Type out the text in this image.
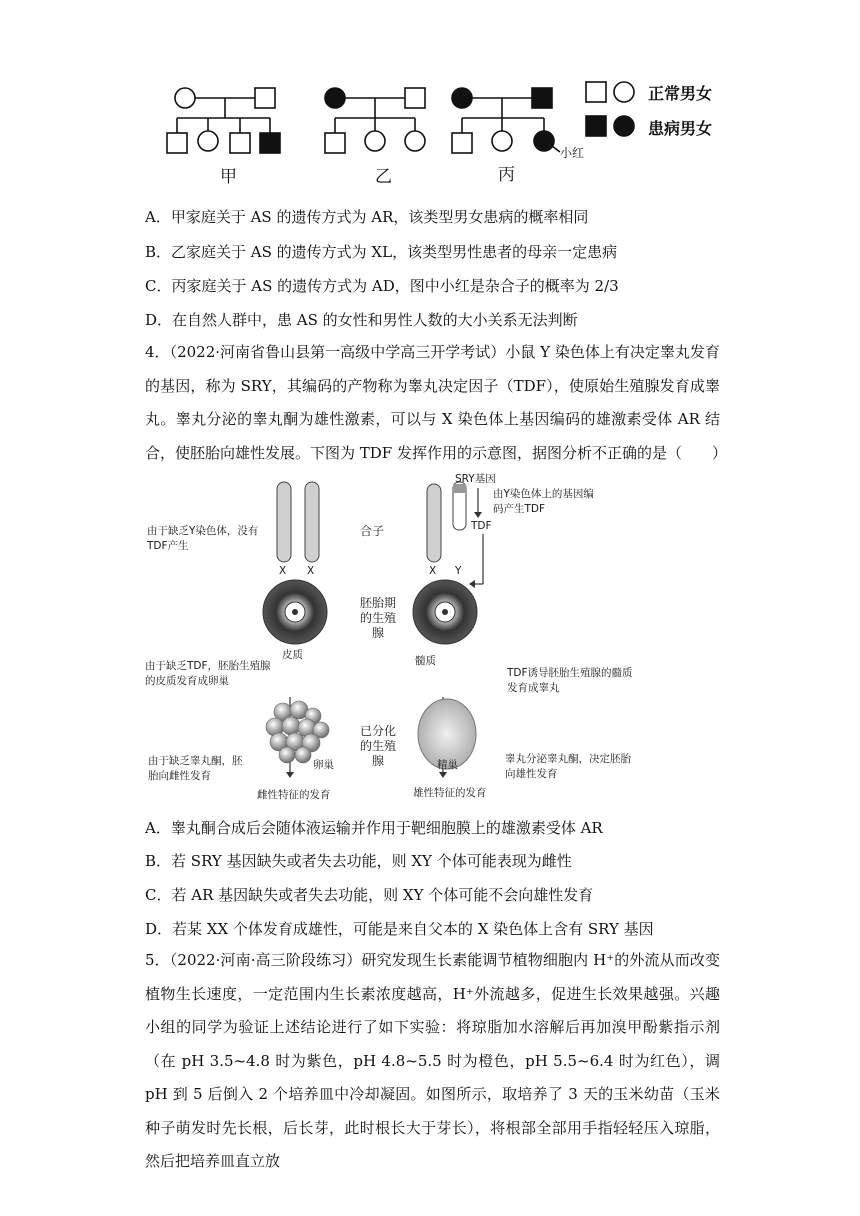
甲	乙	丙
小红
正常男女
患病男女
A．甲家庭关于 AS 的遗传方式为 AR，该类型男女患病的概率相同
B．乙家庭关于 AS 的遗传方式为 XL，该类型男性患者的母亲一定患病
C．丙家庭关于 AS 的遗传方式为 AD，图中小红是杂合子的概率为 2/3
D．在自然人群中，患 AS 的女性和男性人数的大小关系无法判断
4．（2022·河南省鲁山县第一高级中学高三开学考试）小鼠 Y 染色体上有决定睾丸发育的基因，称为 SRY，其编码的产物称为睾丸决定因子（TDF），使原始生殖腺发育成睾丸。睾丸分泌的睾丸酮为雄性激素，可以与 X 染色体上基因编码的雄激素受体 AR 结合，使胚胎向雄性发展。下图为 TDF 发挥作用的示意图，据图分析不正确的是（　　）
SRY基因
由Y染色体上的基因编码产生TDF
TDF
由于缺乏Y染色体，没有TDF产生
合子
X X	X Y
胚胎期的生殖腺
皮质	髓质
由于缺乏TDF，胚胎生殖腺的皮质发育成卵巢
TDF诱导胚胎生殖腺的髓质发育成睾丸
已分化的生殖腺
卵巢	精巢
由于缺乏睾丸酮，胚胎向雌性发育
睾丸分泌睾丸酮，决定胚胎向雄性发育
雌性特征的发育	雄性特征的发育
A．睾丸酮合成后会随体液运输并作用于靶细胞膜上的雄激素受体 AR
B．若 SRY 基因缺失或者失去功能，则 XY 个体可能表现为雌性
C．若 AR 基因缺失或者失去功能，则 XY 个体可能不会向雄性发育
D．若某 XX 个体发育成雄性，可能是来自父本的 X 染色体上含有 SRY 基因
5．（2022·河南·高三阶段练习）研究发现生长素能调节植物细胞内 H⁺的外流从而改变植物生长速度，一定范围内生长素浓度越高，H⁺外流越多，促进生长效果越强。兴趣小组的同学为验证上述结论进行了如下实验：将琼脂加水溶解后再加溴甲酚紫指示剂（在 pH 3.5~4.8 时为紫色，pH 4.8~5.5 时为橙色，pH 5.5~6.4 时为红色），调 pH 到 5 后倒入 2 个培养皿中冷却凝固。如图所示，取培养了 3 天的玉米幼苗（玉米种子萌发时先长根，后长芽，此时根长大于芽长），将根部全部用手指轻轻压入琼脂，然后把培养皿直立放
